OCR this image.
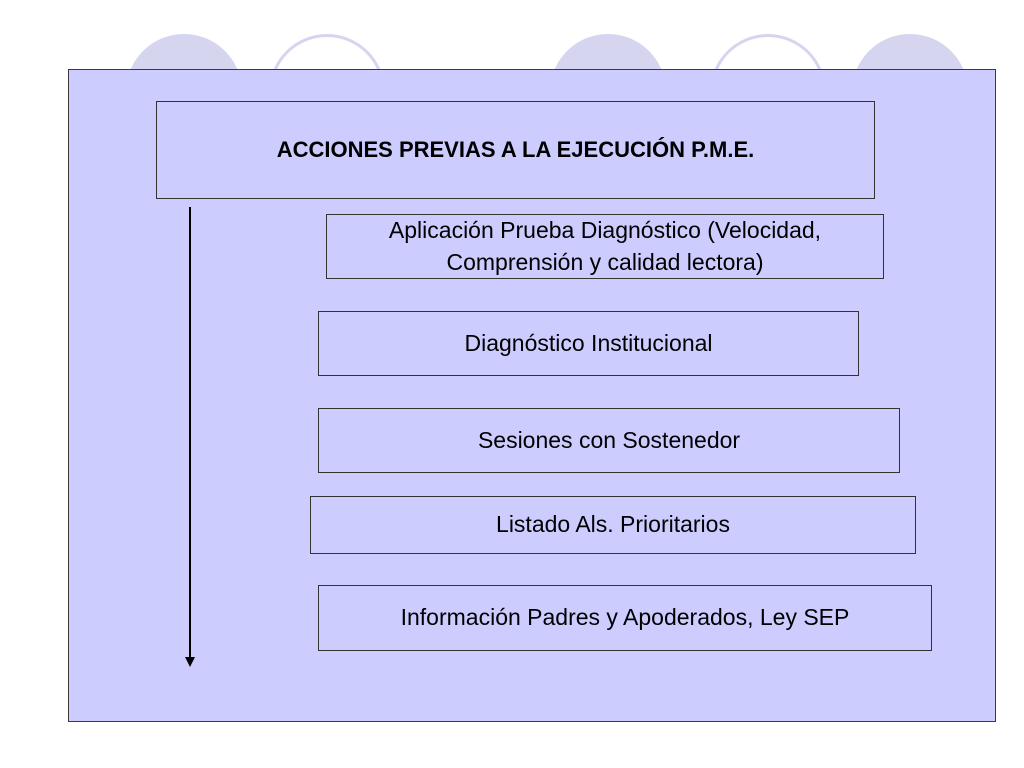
ACCIONES PREVIAS A LA EJECUCIÓN P.M.E.
Aplicación Prueba Diagnóstico (Velocidad, Comprensión y calidad lectora)
Diagnóstico Institucional
Sesiones con Sostenedor
Listado Als. Prioritarios
Información Padres y Apoderados, Ley SEP
